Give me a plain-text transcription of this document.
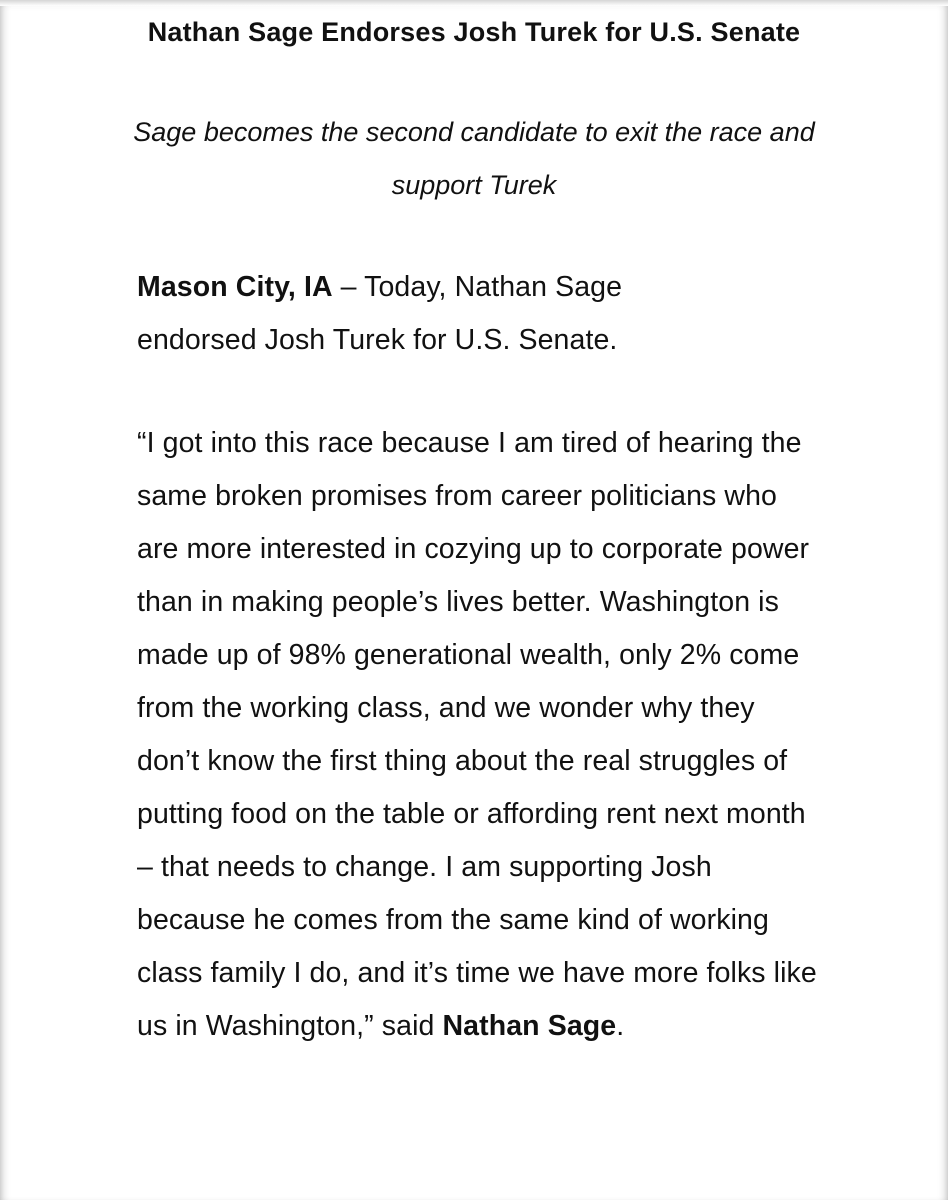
Nathan Sage Endorses Josh Turek for U.S. Senate

Sage becomes the second candidate to exit the race and support Turek

Mason City, IA – Today, Nathan Sage endorsed Josh Turek for U.S. Senate.

“I got into this race because I am tired of hearing the same broken promises from career politicians who are more interested in cozying up to corporate power than in making people’s lives better. Washington is made up of 98% generational wealth, only 2% come from the working class, and we wonder why they don’t know the first thing about the real struggles of putting food on the table or affording rent next month – that needs to change. I am supporting Josh because he comes from the same kind of working class family I do, and it’s time we have more folks like us in Washington,” said Nathan Sage.
